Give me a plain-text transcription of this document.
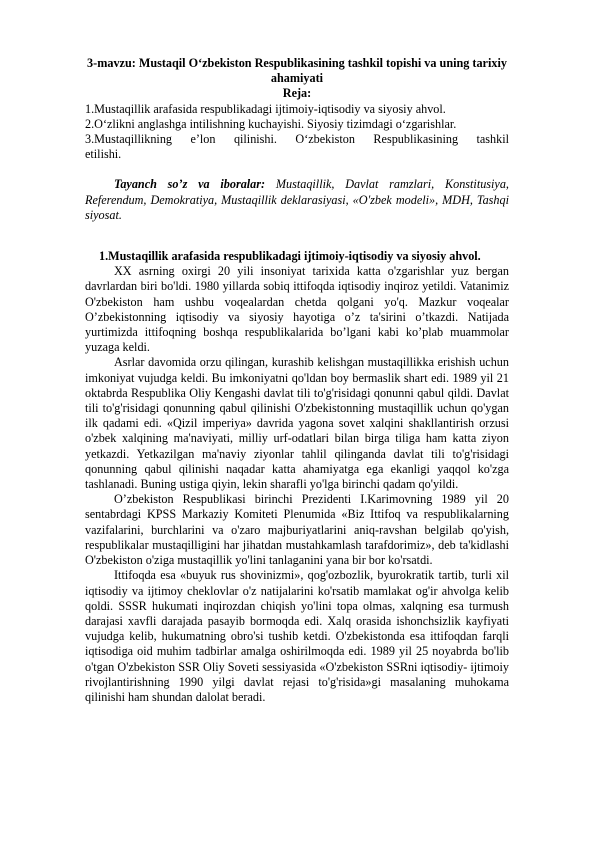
3-mavzu: Mustaqil O‘zbekiston Respublikasining tashkil topishi va uning tarixiy ahamiyati

Reja:

1.Mustaqillik arafasida respublikadagi ijtimoiy-iqtisodiy va siyosiy ahvol.

2.O‘zlikni anglashga intilishning kuchayishi. Siyosiy tizimdagi o‘zgarishlar.

3.Mustaqillikning e’lon qilinishi. O‘zbekiston Respublikasining tashkil

etilishi.

Tayanch so’z va iboralar: Mustaqillik, Davlat ramzlari, Konstitusiya, Referendum, Demokratiya, Mustaqillik deklarasiyasi, «O'zbek modeli», MDH, Tashqi siyosat.

1.Mustaqillik arafasida respublikadagi ijtimoiy-iqtisodiy va siyosiy ahvol.

XX asrning oxirgi 20 yili insoniyat tarixida katta o'zgarishlar yuz bergan davrlardan biri bo'ldi. 1980 yillarda sobiq ittifoqda iqtisodiy inqiroz yetildi. Vatanimiz O'zbekiston ham ushbu voqealardan chetda qolgani yo'q. Mazkur voqealar O’zbekistonning iqtisodiy va siyosiy hayotiga o’z ta'sirini o’tkazdi. Natijada yurtimizda ittifoqning boshqa respublikalarida bo’lgani kabi ko’plab muammolar yuzaga keldi.

Asrlar davomida orzu qilingan, kurashib kelishgan mustaqillikka erishish uchun imkoniyat vujudga keldi. Bu imkoniyatni qo'ldan boy bermaslik shart edi. 1989 yil 21 oktabrda Respublika Oliy Kengashi davlat tili to'g'risidagi qonunni qabul qildi. Davlat tili to'g'risidagi qonunning qabul qilinishi O'zbekistonning mustaqillik uchun qo'ygan ilk qadami edi. «Qizil imperiya» davrida yagona sovet xalqini shakllantirish orzusi o'zbek xalqining ma'naviyati, milliy urf-odatlari bilan birga tiliga ham katta ziyon yetkazdi. Yetkazilgan ma'naviy ziyonlar tahlil qilinganda davlat tili to'g'risidagi qonunning qabul qilinishi naqadar katta ahamiyatga ega ekanligi yaqqol ko'zga tashlanadi. Buning ustiga qiyin, lekin sharafli yo'lga birinchi qadam qo'yildi.

O’zbekiston Respublikasi birinchi Prezidenti I.Karimovning 1989 yil 20 sentabrdagi KPSS Markaziy Komiteti Plenumida «Biz Ittifoq va respublikalarning vazifalarini, burchlarini va o'zaro majburiyatlarini aniq-ravshan belgilab qo'yish, respublikalar mustaqilligini har jihatdan mustahkamlash tarafdorimiz», deb ta'kidlashi O'zbekiston o'ziga mustaqillik yo'lini tanlaganini yana bir bor ko'rsatdi.

Ittifoqda esa «buyuk rus shovinizmi», qog'ozbozlik, byurokratik tartib, turli xil iqtisodiy va ijtimoy cheklovlar o'z natijalarini ko'rsatib mamlakat og'ir ahvolga kelib qoldi. SSSR hukumati inqirozdan chiqish yo'lini topa olmas, xalqning esa turmush darajasi xavfli darajada pasayib bormoqda edi. Xalq orasida ishonchsizlik kayfiyati vujudga kelib, hukumatning obro'si tushib ketdi. O'zbekistonda esa ittifoqdan farqli iqtisodiga oid muhim tadbirlar amalga oshirilmoqda edi. 1989 yil 25 noyabrda bo'lib o'tgan O'zbekiston SSR Oliy Soveti sessiyasida «O'zbekiston SSRni iqtisodiy- ijtimoiy rivojlantirishning 1990 yilgi davlat rejasi to'g'risida»gi masalaning muhokama qilinishi ham shundan dalolat beradi.
